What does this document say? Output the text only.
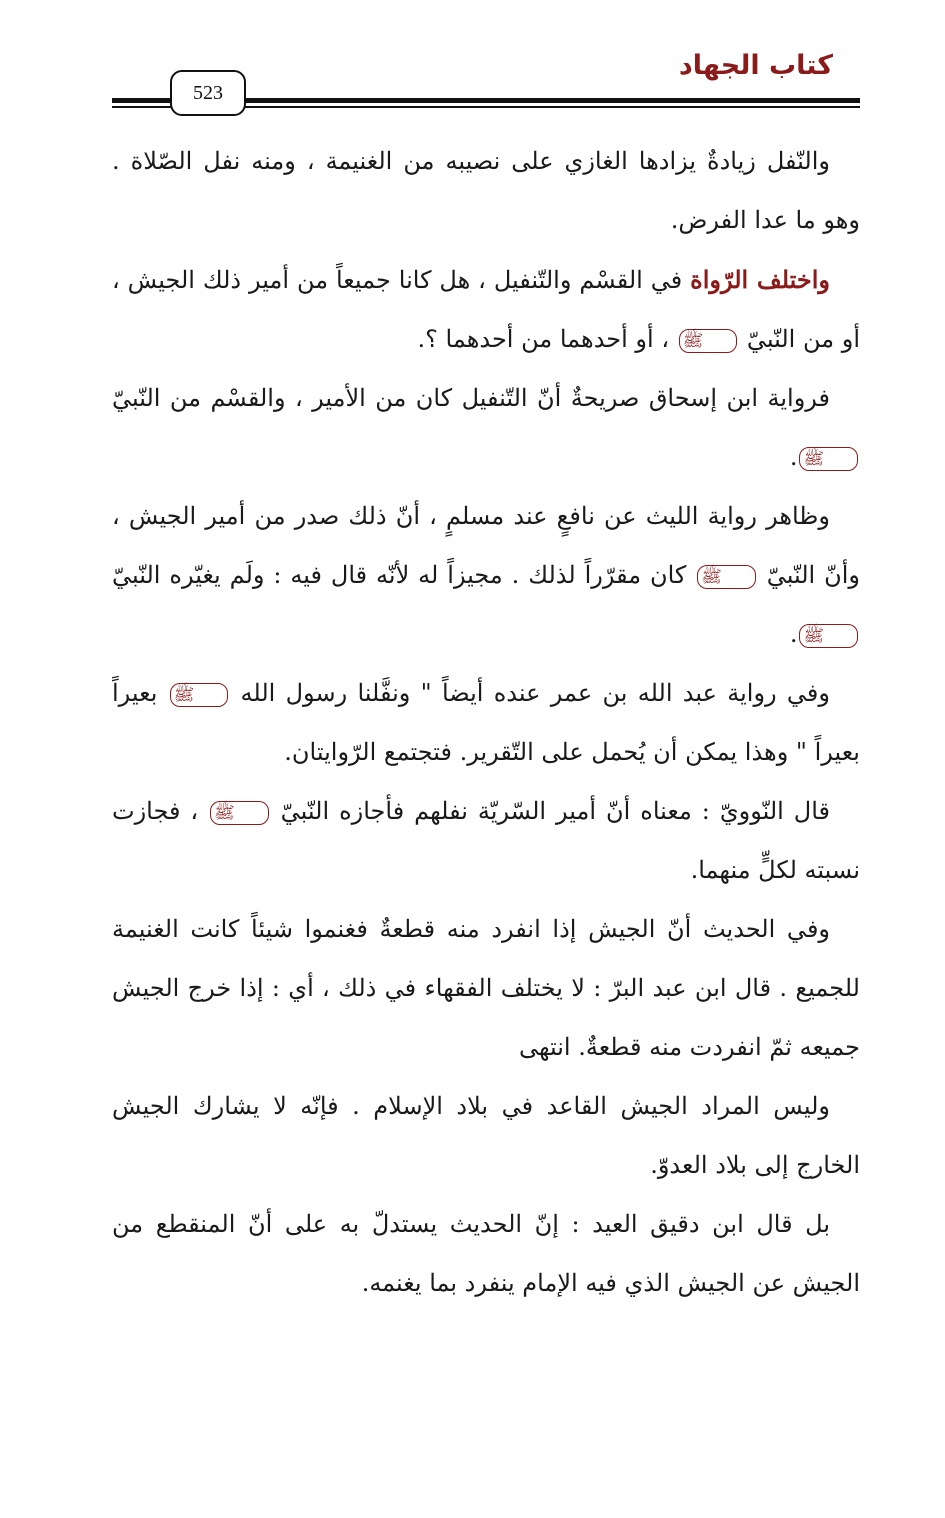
كتاب الجهاد
523

والنّفل زيادةٌ يزادها الغازي على نصيبه من الغنيمة ، ومنه نفل الصّلاة . وهو ما عدا الفرض.

واختلف الرّواة في القسْم والتّنفيل ، هل كانا جميعاً من أمير ذلك الجيش ، أو من النّبيّ ﷺ ، أو أحدهما من أحدهما ؟.

فرواية ابن إسحاق صريحةٌ أنّ التّنفيل كان من الأمير ، والقسْم من النّبيّ ﷺ.

وظاهر رواية الليث عن نافعٍ عند مسلمٍ ، أنّ ذلك صدر من أمير الجيش ، وأنّ النّبيّ ﷺ كان مقرّراً لذلك . مجيزاً له لأنّه قال فيه : ولَم يغيّره النّبيّ ﷺ.

وفي رواية عبد الله بن عمر عنده أيضاً " ونفَّلنا رسول الله ﷺ بعيراً بعيراً " وهذا يمكن أن يُحمل على التّقرير. فتجتمع الرّوايتان.

قال النّوويّ : معناه أنّ أمير السّريّة نفلهم فأجازه النّبيّ ﷺ ، فجازت نسبته لكلٍّ منهما.

وفي الحديث أنّ الجيش إذا انفرد منه قطعةٌ فغنموا شيئاً كانت الغنيمة للجميع . قال ابن عبد البرّ : لا يختلف الفقهاء في ذلك ، أي : إذا خرج الجيش جميعه ثمّ انفردت منه قطعةٌ. انتهى

وليس المراد الجيش القاعد في بلاد الإسلام . فإنّه لا يشارك الجيش الخارج إلى بلاد العدوّ.

بل قال ابن دقيق العيد : إنّ الحديث يستدلّ به على أنّ المنقطع من الجيش عن الجيش الذي فيه الإمام ينفرد بما يغنمه.
